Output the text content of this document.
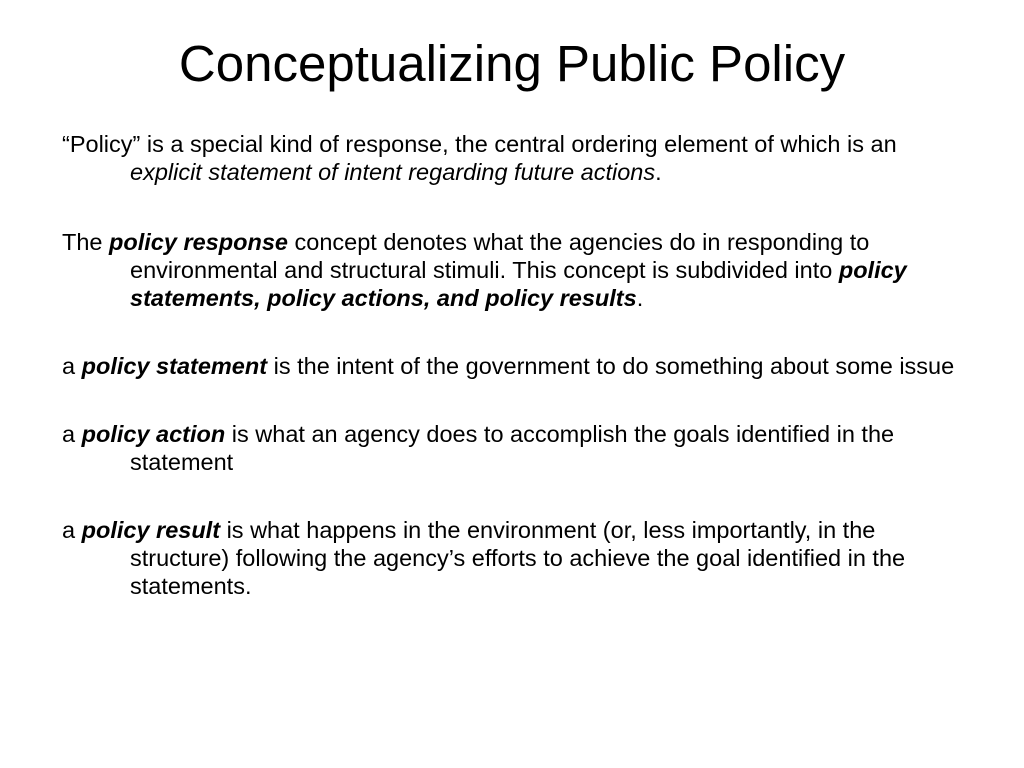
Conceptualizing Public Policy

“Policy” is a special kind of response, the central ordering element of which is an explicit statement of intent regarding future actions.

The policy response concept denotes what the agencies do in responding to environmental and structural stimuli. This concept is subdivided into policy statements, policy actions, and policy results.

a policy statement is the intent of the government to do something about some issue

a policy action is what an agency does to accomplish the goals identified in the statement

a policy result is what happens in the environment (or, less importantly, in the structure) following the agency’s efforts to achieve the goal identified in the statements.
